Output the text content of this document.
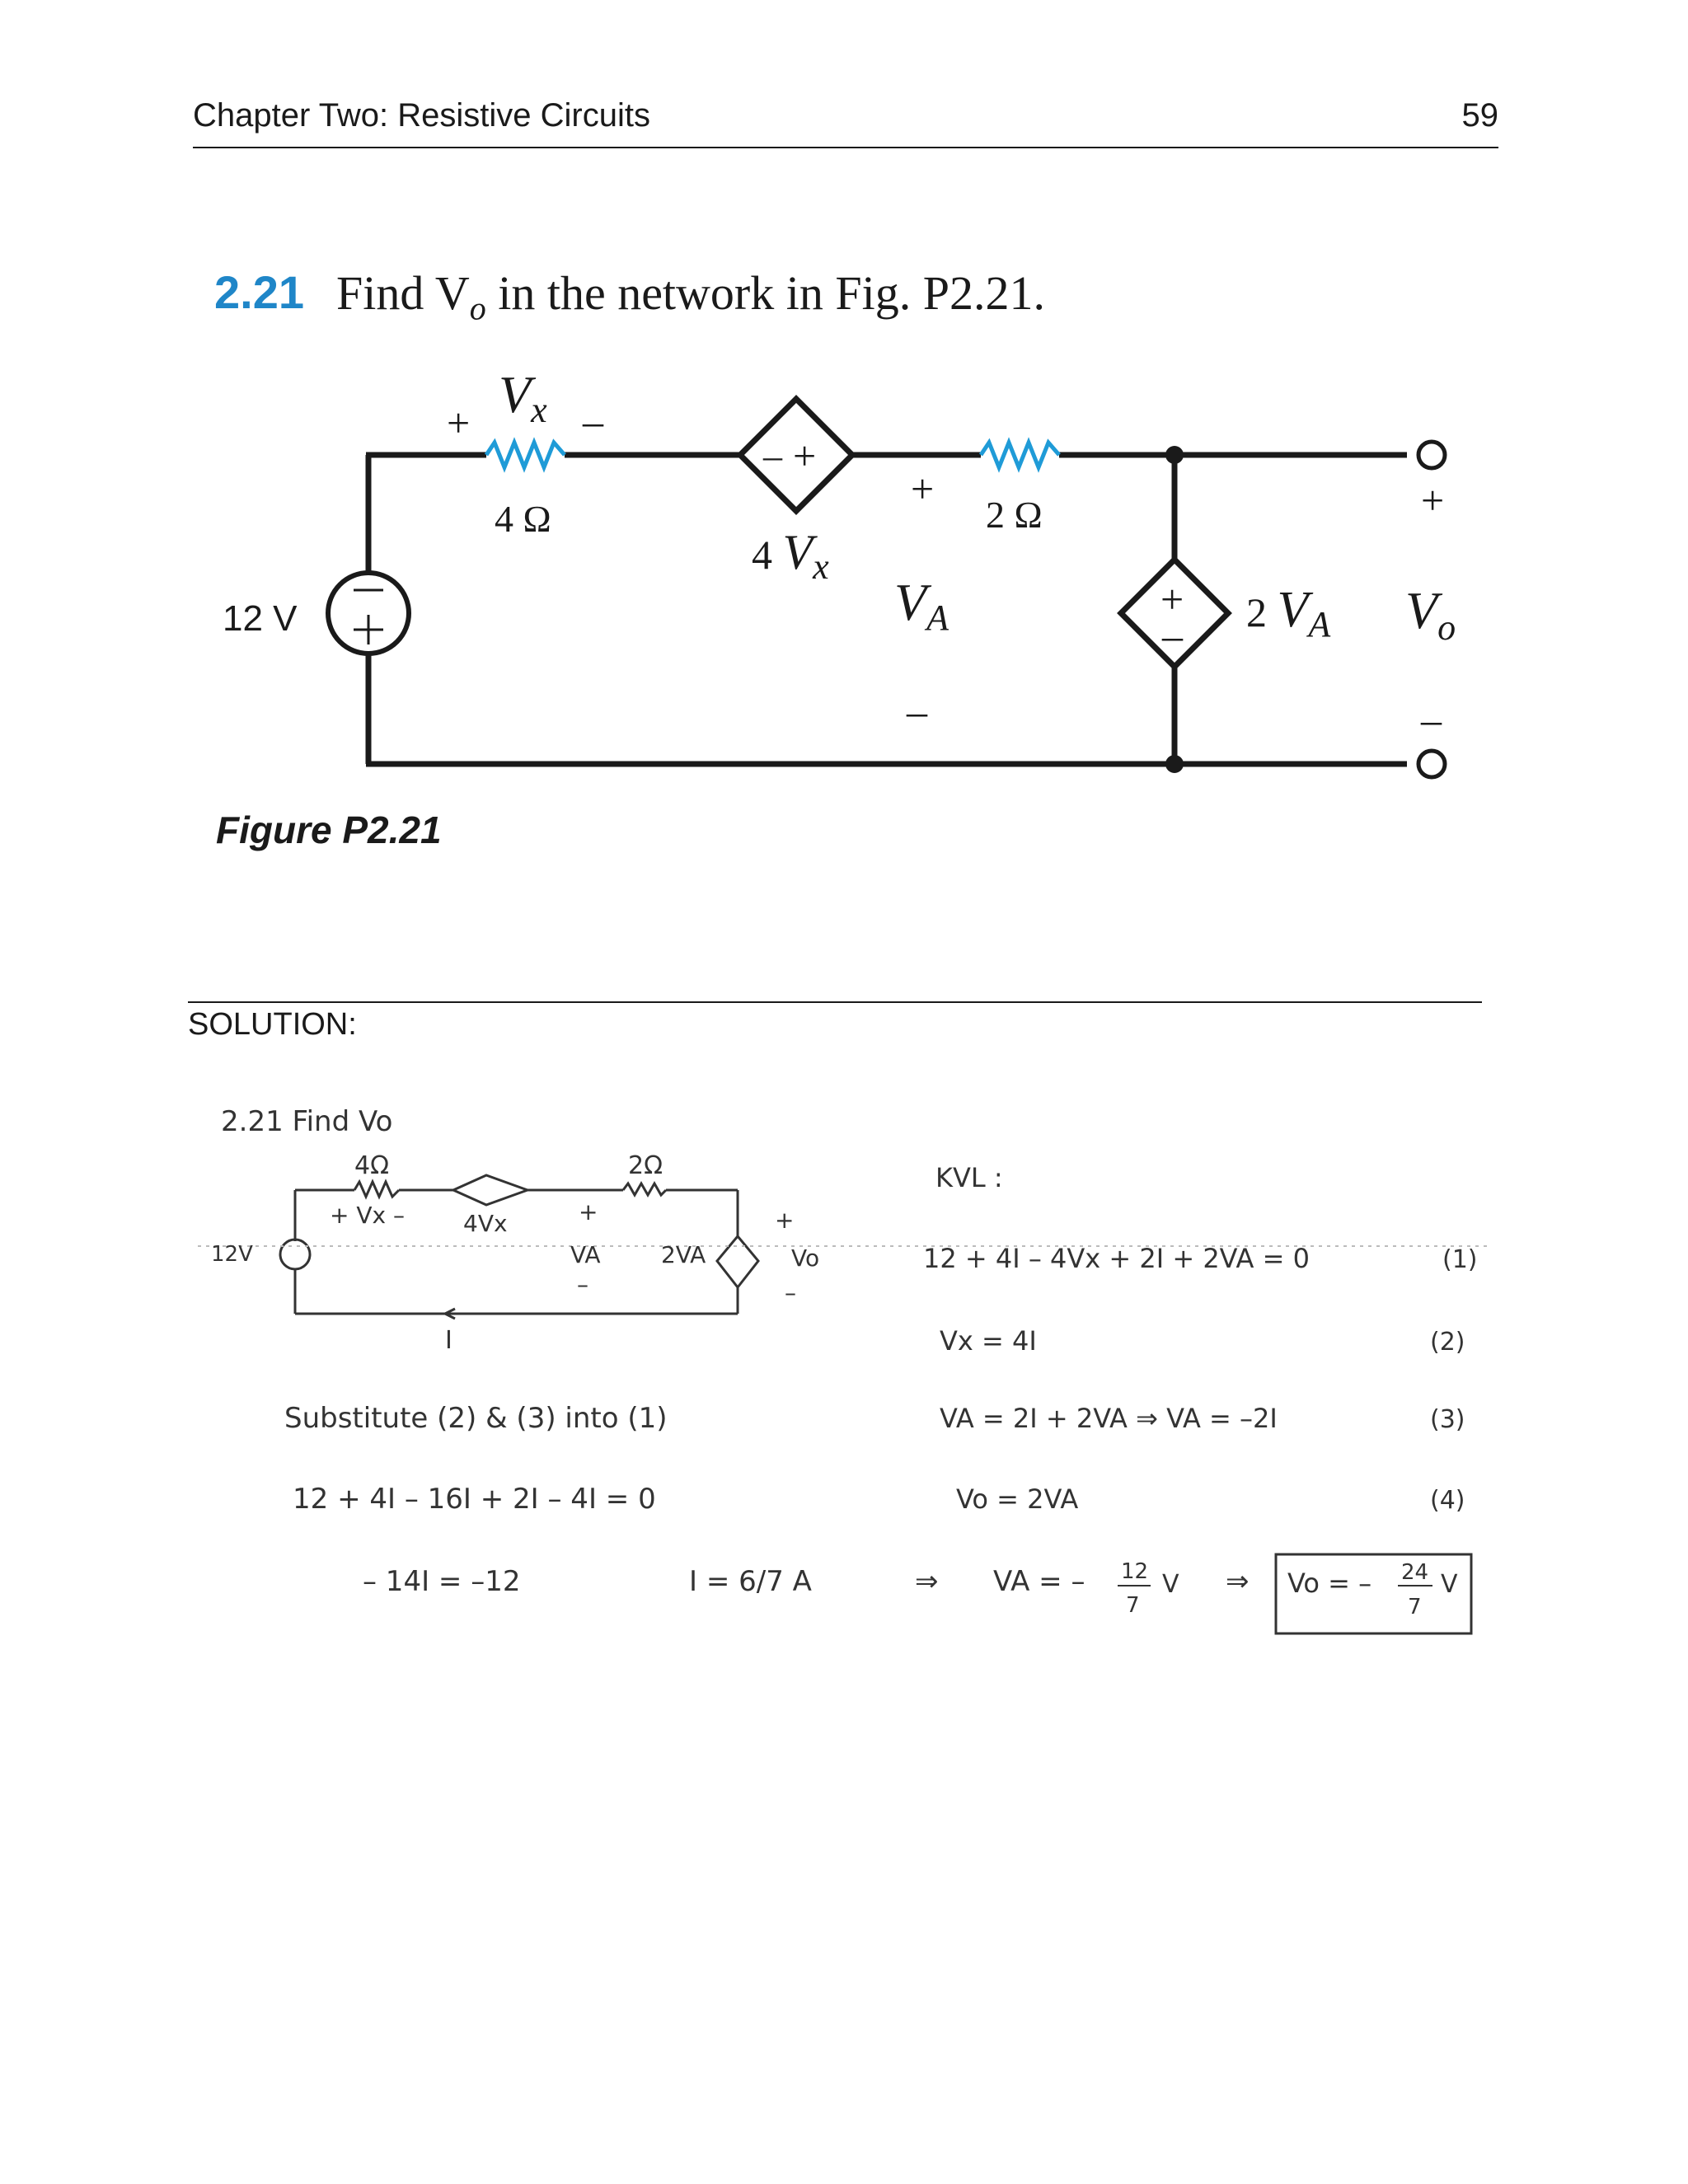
Chapter Two: Resistive Circuits	59
2.21 Find $V_o$ in the network in Fig. P2.21.
– +
+
–
12 V
+ Vx –
4 Ω
4 Vx
+
VA
–
2 Ω
2 VA
+
$V_o$
–
Figure P2.21
SOLUTION:
2.21 Find Vo
4Ω	2Ω
+ Vx –	4Vx	+
VA
–
2VA
+
Vo
–
12V
I
KVL :
12 + 4I – 4Vx + 2I + 2VA = 0	(1)
Vx = 4I	(2)
VA = 2I + 2VA ⇒ VA = –2I	(3)
Vo = 2VA	(4)
Substitute (2) & (3) into (1)
12 + 4I – 16I + 2I – 4I = 0
– 14I = –12	I = 6/7 A	⇒ VA = – 12
7
V ⇒ Vo = – 24
7
V
